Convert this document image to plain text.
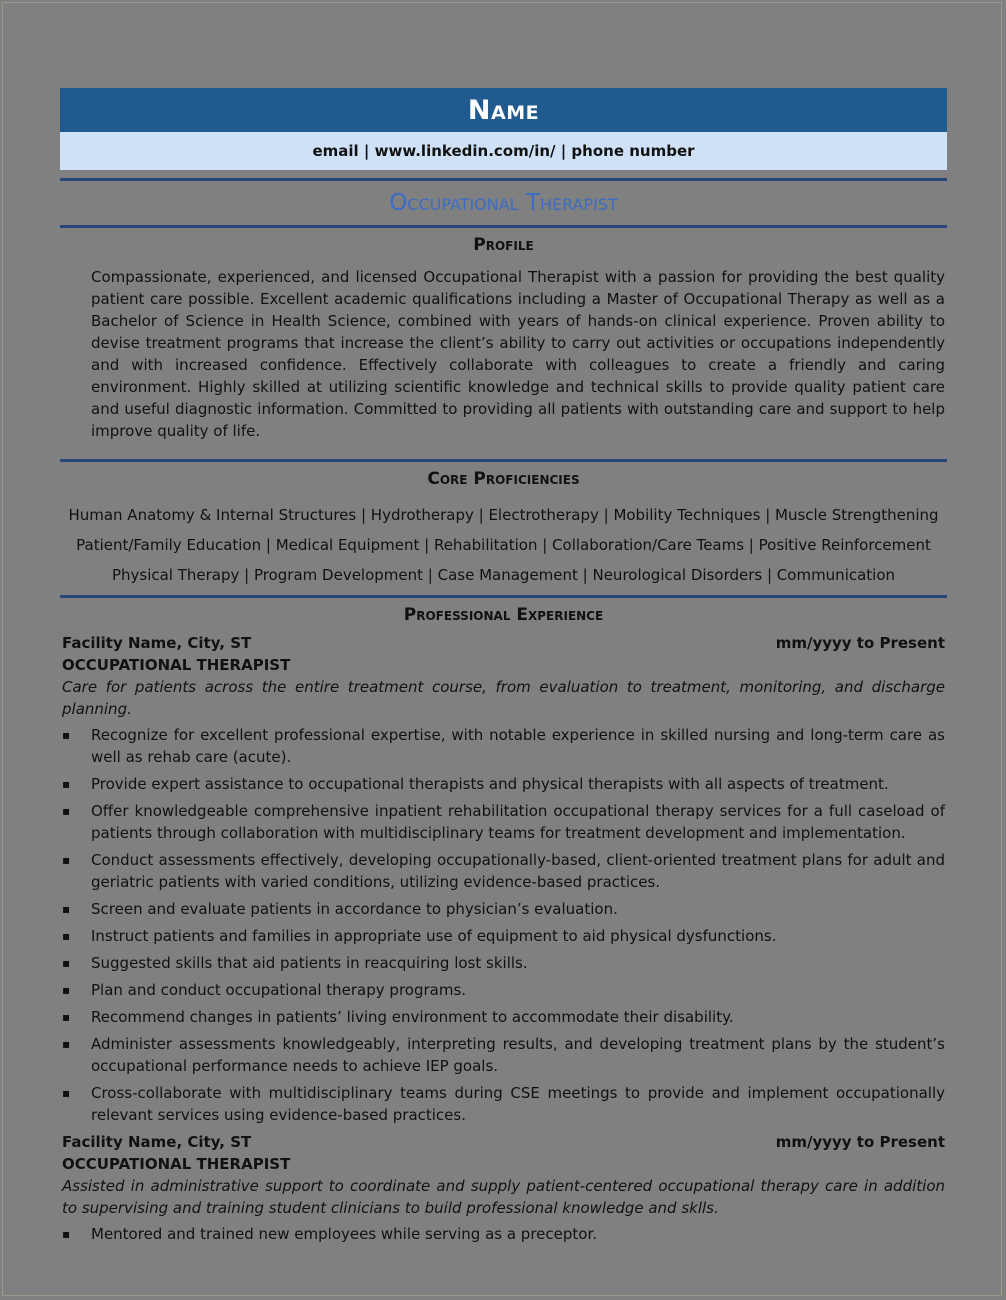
Name
email | www.linkedin.com/in/ | phone number
Occupational Therapist
Profile
Compassionate, experienced, and licensed Occupational Therapist with a passion for providing the best quality patient care possible. Excellent academic qualifications including a Master of Occupational Therapy as well as a Bachelor of Science in Health Science, combined with years of hands-on clinical experience. Proven ability to devise treatment programs that increase the client’s ability to carry out activities or occupations independently and with increased confidence. Effectively collaborate with colleagues to create a friendly and caring environment. Highly skilled at utilizing scientific knowledge and technical skills to provide quality patient care and useful diagnostic information. Committed to providing all patients with outstanding care and support to help improve quality of life.
Core Proficiencies
Human Anatomy & Internal Structures | Hydrotherapy | Electrotherapy | Mobility Techniques | Muscle Strengthening
Patient/Family Education | Medical Equipment | Rehabilitation | Collaboration/Care Teams | Positive Reinforcement
Physical Therapy | Program Development | Case Management | Neurological Disorders | Communication
Professional Experience
Facility Name, City, ST	mm/yyyy to Present
OCCUPATIONAL THERAPIST
Care for patients across the entire treatment course, from evaluation to treatment, monitoring, and discharge planning.
▪ Recognize for excellent professional expertise, with notable experience in skilled nursing and long-term care as well as rehab care (acute).
▪ Provide expert assistance to occupational therapists and physical therapists with all aspects of treatment.
▪ Offer knowledgeable comprehensive inpatient rehabilitation occupational therapy services for a full caseload of patients through collaboration with multidisciplinary teams for treatment development and implementation.
▪ Conduct assessments effectively, developing occupationally-based, client-oriented treatment plans for adult and geriatric patients with varied conditions, utilizing evidence-based practices.
▪ Screen and evaluate patients in accordance to physician’s evaluation.
▪ Instruct patients and families in appropriate use of equipment to aid physical dysfunctions.
▪ Suggested skills that aid patients in reacquiring lost skills.
▪ Plan and conduct occupational therapy programs.
▪ Recommend changes in patients’ living environment to accommodate their disability.
▪ Administer assessments knowledgeably, interpreting results, and developing treatment plans by the student’s occupational performance needs to achieve IEP goals.
▪ Cross-collaborate with multidisciplinary teams during CSE meetings to provide and implement occupationally relevant services using evidence-based practices.
Facility Name, City, ST	mm/yyyy to Present
OCCUPATIONAL THERAPIST
Assisted in administrative support to coordinate and supply patient-centered occupational therapy care in addition to supervising and training student clinicians to build professional knowledge and sklls.
▪ Mentored and trained new employees while serving as a preceptor.
